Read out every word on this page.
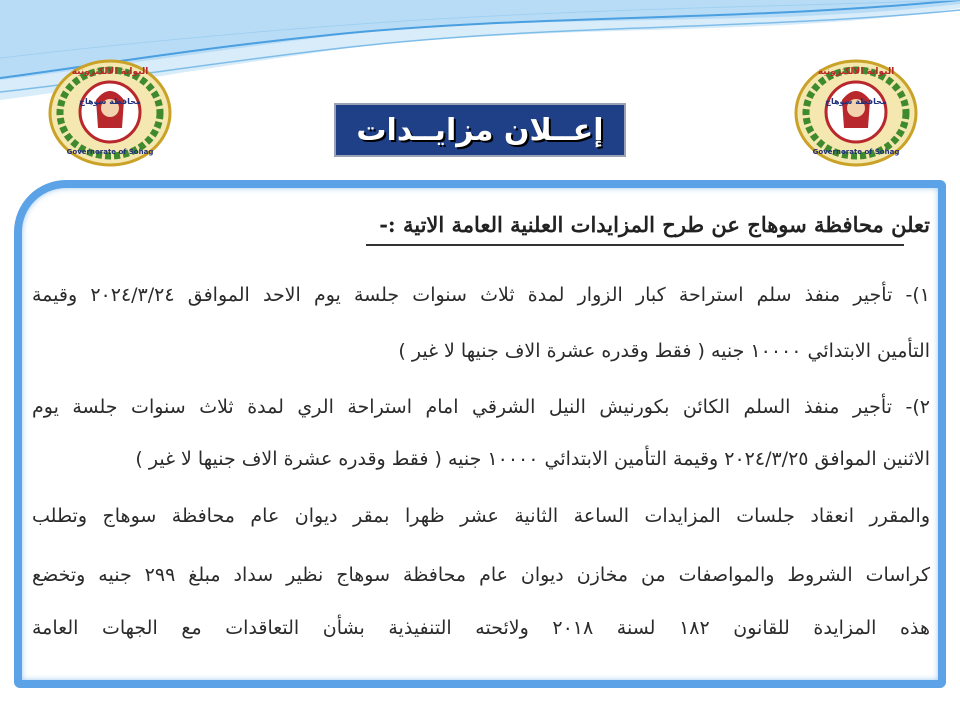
البوابة الالكترونية
محافظة سوهاج
Governorate of Sohag
البوابة الالكترونية
محافظة سوهاج
Governorate of Sohag
إعــلان مزايــدات
تعلن محافظة سوهاج عن طرح المزايدات العلنية العامة الاتية :-
١)- تأجير منفذ سلم استراحة كبار الزوار لمدة ثلاث سنوات جلسة يوم الاحد الموافق ٢٠٢٤/٣/٢٤ وقيمة
التأمين الابتدائي ١٠٠٠٠ جنيه ( فقط وقدره عشرة الاف جنيها لا غير )
٢)- تأجير منفذ السلم الكائن بكورنيش النيل الشرقي امام استراحة الري لمدة ثلاث سنوات جلسة يوم
الاثنين الموافق ٢٠٢٤/٣/٢٥ وقيمة التأمين الابتدائي ١٠٠٠٠ جنيه ( فقط وقدره عشرة الاف جنيها لا غير )
والمقرر انعقاد جلسات المزايدات الساعة الثانية عشر ظهرا بمقر ديوان عام محافظة سوهاج وتطلب
كراسات الشروط والمواصفات من مخازن ديوان عام محافظة سوهاج نظير سداد مبلغ ٢٩٩ جنيه وتخضع
هذه المزايدة للقانون ١٨٢ لسنة ٢٠١٨ ولائحته التنفيذية بشأن التعاقدات مع الجهات العامة
